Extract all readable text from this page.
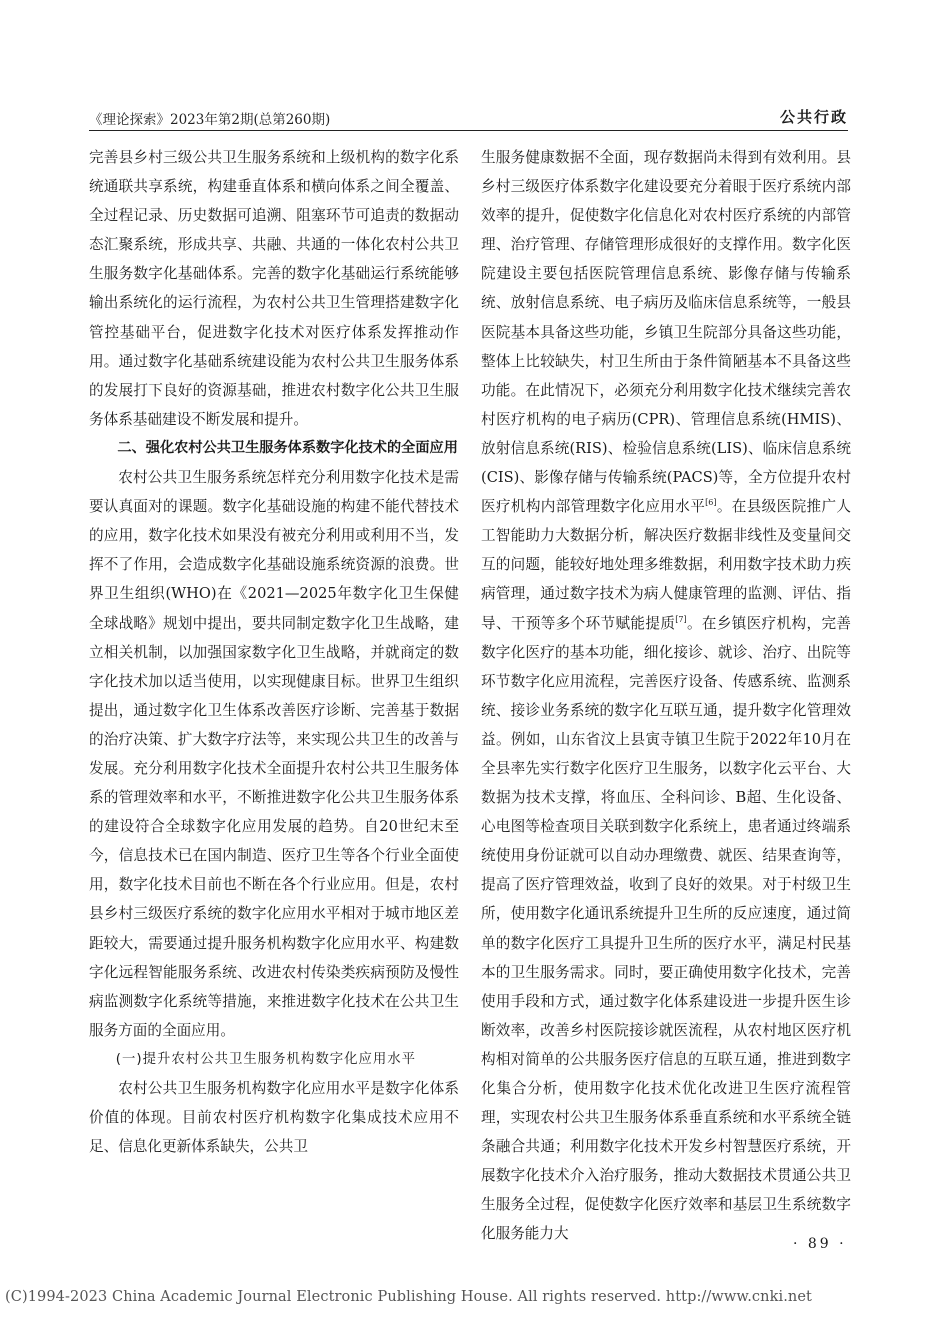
《理论探索》2023年第2期(总第260期)	公共行政

完善县乡村三级公共卫生服务系统和上级机构的数字化系统通联共享系统，构建垂直体系和横向体系之间全覆盖、全过程记录、历史数据可追溯、阻塞环节可追责的数据动态汇聚系统，形成共享、共融、共通的一体化农村公共卫生服务数字化基础体系。完善的数字化基础运行系统能够输出系统化的运行流程，为农村公共卫生管理搭建数字化管控基础平台，促进数字化技术对医疗体系发挥推动作用。通过数字化基础系统建设能为农村公共卫生服务体系的发展打下良好的资源基础，推进农村数字化公共卫生服务体系基础建设不断发展和提升。

二、强化农村公共卫生服务体系数字化技术的全面应用

农村公共卫生服务系统怎样充分利用数字化技术是需要认真面对的课题。数字化基础设施的构建不能代替技术的应用，数字化技术如果没有被充分利用或利用不当，发挥不了作用，会造成数字化基础设施系统资源的浪费。世界卫生组织(WHO)在《2021—2025年数字化卫生保健全球战略》规划中提出，要共同制定数字化卫生战略，建立相关机制，以加强国家数字化卫生战略，并就商定的数字化技术加以适当使用，以实现健康目标。世界卫生组织提出，通过数字化卫生体系改善医疗诊断、完善基于数据的治疗决策、扩大数字疗法等，来实现公共卫生的改善与发展。充分利用数字化技术全面提升农村公共卫生服务体系的管理效率和水平，不断推进数字化公共卫生服务体系的建设符合全球数字化应用发展的趋势。自20世纪末至今，信息技术已在国内制造、医疗卫生等各个行业全面使用，数字化技术目前也不断在各个行业应用。但是，农村县乡村三级医疗系统的数字化应用水平相对于城市地区差距较大，需要通过提升服务机构数字化应用水平、构建数字化远程智能服务系统、改进农村传染类疾病预防及慢性病监测数字化系统等措施，来推进数字化技术在公共卫生服务方面的全面应用。

(一)提升农村公共卫生服务机构数字化应用水平

农村公共卫生服务机构数字化应用水平是数字化体系价值的体现。目前农村医疗机构数字化集成技术应用不足、信息化更新体系缺失，公共卫

生服务健康数据不全面，现存数据尚未得到有效利用。县乡村三级医疗体系数字化建设要充分着眼于医疗系统内部效率的提升，促使数字化信息化对农村医疗系统的内部管理、治疗管理、存储管理形成很好的支撑作用。数字化医院建设主要包括医院管理信息系统、影像存储与传输系统、放射信息系统、电子病历及临床信息系统等，一般县医院基本具备这些功能，乡镇卫生院部分具备这些功能，整体上比较缺失，村卫生所由于条件简陋基本不具备这些功能。在此情况下，必须充分利用数字化技术继续完善农村医疗机构的电子病历(CPR)、管理信息系统(HMIS)、放射信息系统(RIS)、检验信息系统(LIS)、临床信息系统(CIS)、影像存储与传输系统(PACS)等，全方位提升农村医疗机构内部管理数字化应用水平[6]。在县级医院推广人工智能助力大数据分析，解决医疗数据非线性及变量间交互的问题，能较好地处理多维数据，利用数字技术助力疾病管理，通过数字技术为病人健康管理的监测、评估、指导、干预等多个环节赋能提质[7]。在乡镇医疗机构，完善数字化医疗的基本功能，细化接诊、就诊、治疗、出院等环节数字化应用流程，完善医疗设备、传感系统、监测系统、接诊业务系统的数字化互联互通，提升数字化管理效益。例如，山东省汶上县寅寺镇卫生院于2022年10月在全县率先实行数字化医疗卫生服务，以数字化云平台、大数据为技术支撑，将血压、全科问诊、B超、生化设备、心电图等检查项目关联到数字化系统上，患者通过终端系统使用身份证就可以自动办理缴费、就医、结果查询等，提高了医疗管理效益，收到了良好的效果。对于村级卫生所，使用数字化通讯系统提升卫生所的反应速度，通过简单的数字化医疗工具提升卫生所的医疗水平，满足村民基本的卫生服务需求。同时，要正确使用数字化技术，完善使用手段和方式，通过数字化体系建设进一步提升医生诊断效率，改善乡村医院接诊就医流程，从农村地区医疗机构相对简单的公共服务医疗信息的互联互通，推进到数字化集合分析，使用数字化技术优化改进卫生医疗流程管理，实现农村公共卫生服务体系垂直系统和水平系统全链条融合共通；利用数字化技术开发乡村智慧医疗系统，开展数字化技术介入治疗服务，推动大数据技术贯通公共卫生服务全过程，促使数字化医疗效率和基层卫生系统数字化服务能力大

· 89 ·
(C)1994-2023 China Academic Journal Electronic Publishing House. All rights reserved. http://www.cnki.net
